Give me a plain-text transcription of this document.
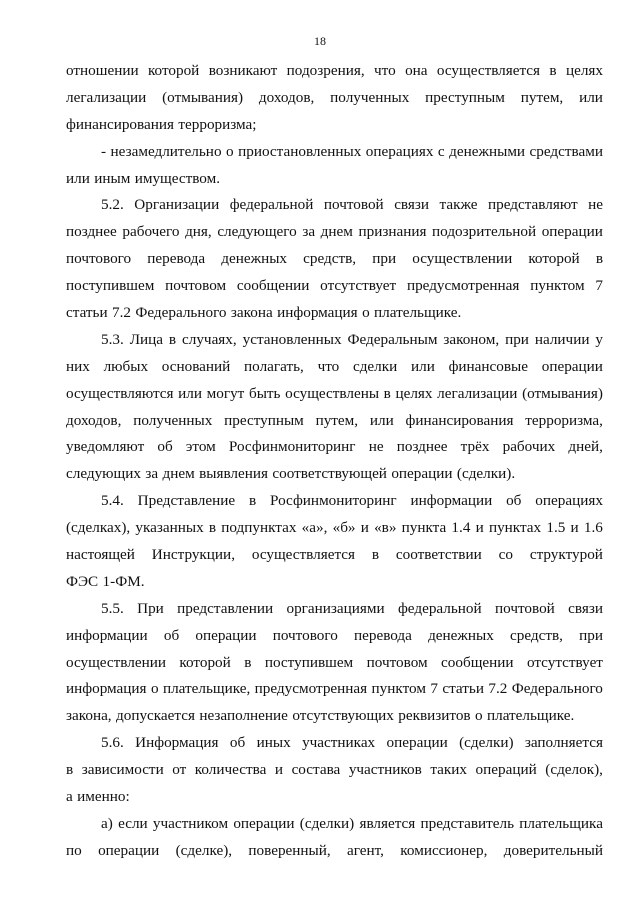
18
отношении которой возникают подозрения, что она осуществляется в целях
легализации (отмывания) доходов, полученных преступным путем, или
финансирования терроризма;
- незамедлительно о приостановленных операциях с денежными средствами
или иным имуществом.
5.2. Организации федеральной почтовой связи также представляют не
позднее рабочего дня, следующего за днем признания подозрительной операции
почтового перевода денежных средств, при осуществлении которой в
поступившем почтовом сообщении отсутствует предусмотренная пунктом 7
статьи 7.2 Федерального закона информация о плательщике.
5.3. Лица в случаях, установленных Федеральным законом, при наличии у
них любых оснований полагать, что сделки или финансовые операции
осуществляются или могут быть осуществлены в целях легализации (отмывания)
доходов, полученных преступным путем, или финансирования терроризма,
уведомляют об этом Росфинмониторинг не позднее трёх рабочих дней,
следующих за днем выявления соответствующей операции (сделки).
5.4. Представление в Росфинмониторинг информации об операциях
(сделках), указанных в подпунктах «а», «б» и «в» пункта 1.4 и пунктах 1.5 и 1.6
настоящей Инструкции, осуществляется в соответствии со структурой
ФЭС 1-ФМ.
5.5. При представлении организациями федеральной почтовой связи
информации об операции почтового перевода денежных средств, при
осуществлении которой в поступившем почтовом сообщении отсутствует
информация о плательщике, предусмотренная пунктом 7 статьи 7.2 Федерального
закона, допускается незаполнение отсутствующих реквизитов о плательщике.
5.6. Информация об иных участниках операции (сделки) заполняется
в зависимости от количества и состава участников таких операций (сделок),
а именно:
а) если участником операции (сделки) является представитель плательщика
по операции (сделке), поверенный, агент, комиссионер, доверительный
